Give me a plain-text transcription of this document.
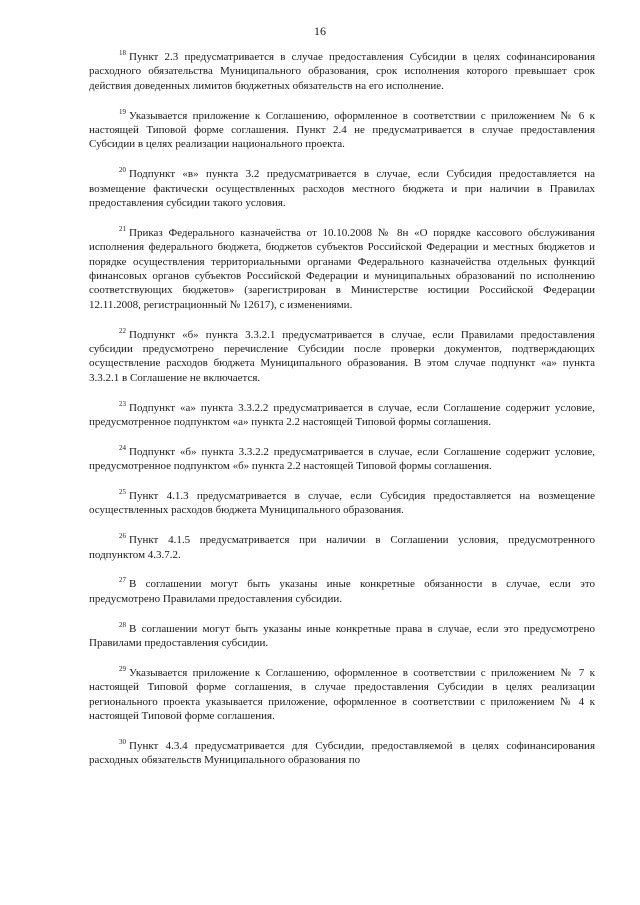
16

$^{18}$ Пункт 2.3 предусматривается в случае предоставления Субсидии в целях софинансирования расходного обязательства Муниципального образования, срок исполнения которого превышает срок действия доведенных лимитов бюджетных обязательств на его исполнение.

$^{19}$ Указывается приложение к Соглашению, оформленное в соответствии с приложением № 6 к настоящей Типовой форме соглашения. Пункт 2.4 не предусматривается в случае предоставления Субсидии в целях реализации национального проекта.

$^{20}$ Подпункт «в» пункта 3.2 предусматривается в случае, если Субсидия предоставляется на возмещение фактически осуществленных расходов местного бюджета и при наличии в Правилах предоставления субсидии такого условия.

$^{21}$ Приказ Федерального казначейства от 10.10.2008 № 8н «О порядке кассового обслуживания исполнения федерального бюджета, бюджетов субъектов Российской Федерации и местных бюджетов и порядке осуществления территориальными органами Федерального казначейства отдельных функций финансовых органов субъектов Российской Федерации и муниципальных образований по исполнению соответствующих бюджетов» (зарегистрирован в Министерстве юстиции Российской Федерации 12.11.2008, регистрационный № 12617), с изменениями.

$^{22}$ Подпункт «б» пункта 3.3.2.1 предусматривается в случае, если Правилами предоставления субсидии предусмотрено перечисление Субсидии после проверки документов, подтверждающих осуществление расходов бюджета Муниципального образования. В этом случае подпункт «а» пункта 3.3.2.1 в Соглашение не включается.

$^{23}$ Подпункт «а» пункта 3.3.2.2 предусматривается в случае, если Соглашение содержит условие, предусмотренное подпунктом «а» пункта 2.2 настоящей Типовой формы соглашения.

$^{24}$ Подпункт «б» пункта 3.3.2.2 предусматривается в случае, если Соглашение содержит условие, предусмотренное подпунктом «б» пункта 2.2 настоящей Типовой формы соглашения.

$^{25}$ Пункт 4.1.3 предусматривается в случае, если Субсидия предоставляется на возмещение осуществленных расходов бюджета Муниципального образования.

$^{26}$ Пункт 4.1.5 предусматривается при наличии в Соглашении условия, предусмотренного подпунктом 4.3.7.2.

$^{27}$ В соглашении могут быть указаны иные конкретные обязанности в случае, если это предусмотрено Правилами предоставления субсидии.

$^{28}$ В соглашении могут быть указаны иные конкретные права в случае, если это предусмотрено Правилами предоставления субсидии.

$^{29}$ Указывается приложение к Соглашению, оформленное в соответствии с приложением № 7 к настоящей Типовой форме соглашения, в случае предоставления Субсидии в целях реализации регионального проекта указывается приложение, оформленное в соответствии с приложением № 4 к настоящей Типовой форме соглашения.

$^{30}$ Пункт 4.3.4 предусматривается для Субсидии, предоставляемой в целях софинансирования расходных обязательств Муниципального образования по
